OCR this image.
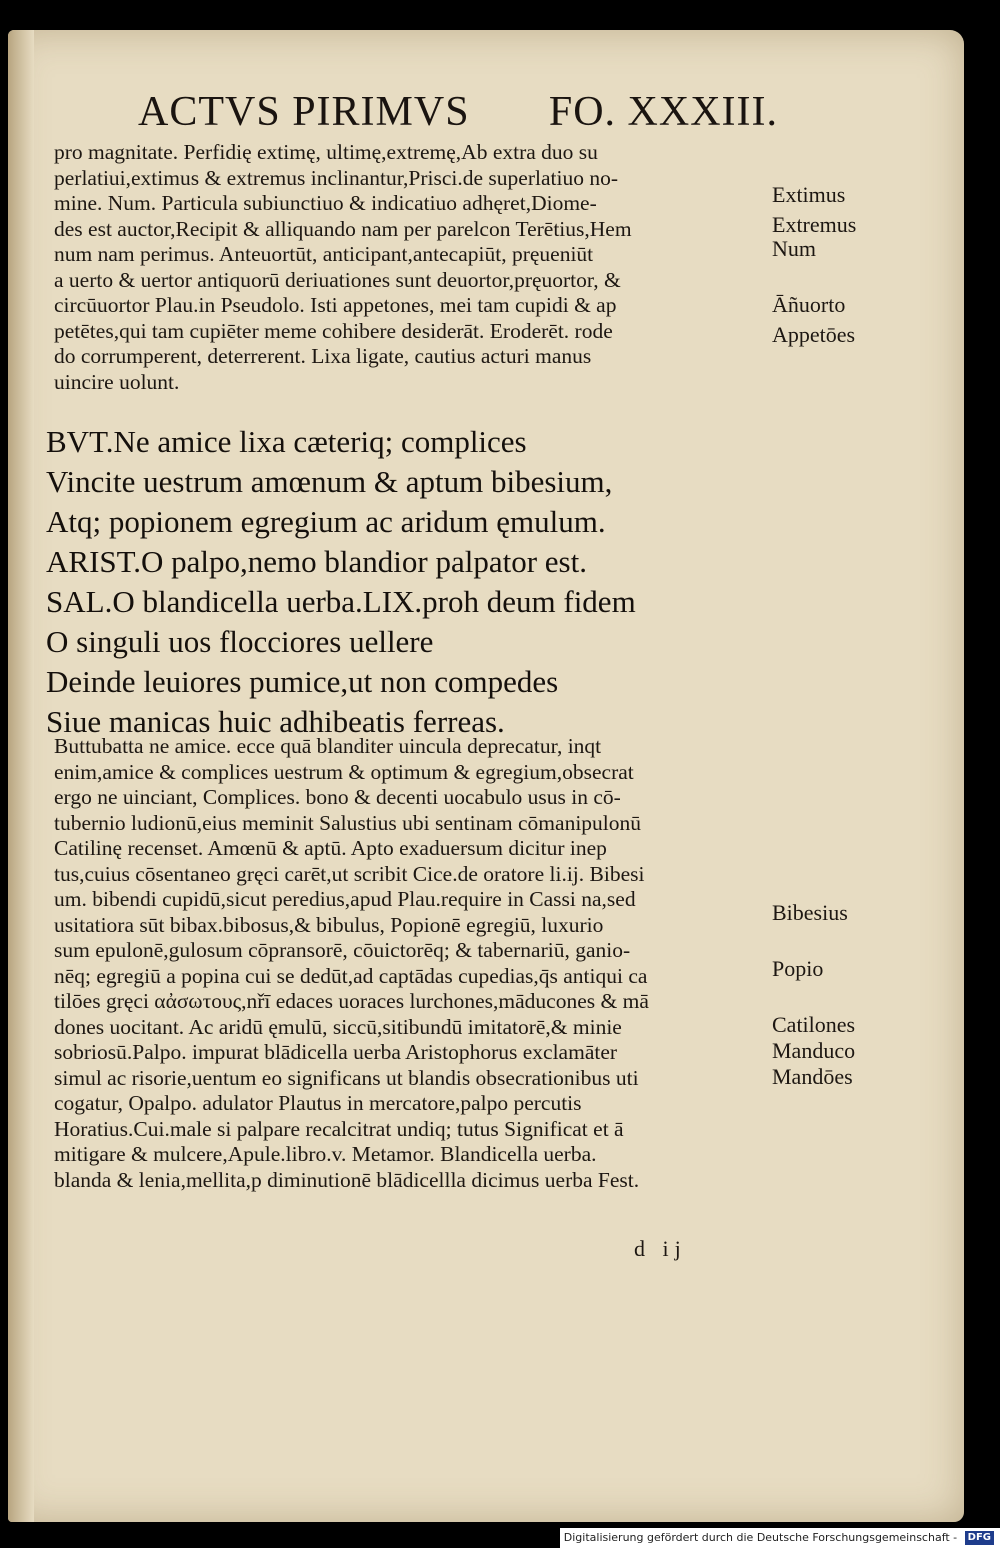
ACTVS PIRIMVS FO. XXXIII.
pro magnitate. Perfidię extimę, ultimę,extremę,Ab extra duo su
perlatiui,extimus & extremus inclinantur,Prisci.de superlatiuo no-
mine. Num. Particula subiunctiuo & indicatiuo adhęret,Diome-
des est auctor,Recipit & alliquando nam per parelcon Terētius,Hem
num nam perimus. Anteuortūt, anticipant,antecapiūt, pręueniūt
a uerto & uertor antiquorū deriuationes sunt deuortor,pręuortor, &
circūuortor Plau.in Pseudolo. Isti appetones, mei tam cupidi & ap
petētes,qui tam cupiēter meme cohibere desiderāt. Eroderēt. rode
do corrumperent, deterrerent. Lixa ligate, cautius acturi manus
uincire uolunt.
BVT.Ne amice lixa cæteriq; complices
Vincite uestrum amœnum & aptum bibesium,
Atq; popionem egregium ac aridum ęmulum.
ARIST.O palpo,nemo blandior palpator est.
SAL.O blandicella uerba.LIX.proh deum fidem
O singuli uos flocciores uellere
Deinde leuiores pumice,ut non compedes
Siue manicas huic adhibeatis ferreas.
Buttubatta ne amice. ecce quā blanditer uincula deprecatur, inqt
enim,amice & complices uestrum & optimum & egregium,obsecrat
ergo ne uinciant, Complices. bono & decenti uocabulo usus in cō-
tubernio ludionū,eius meminit Salustius ubi sentinam cōmanipulonū
Catilinę recenset. Amœnū & aptū. Apto exaduersum dicitur inep
tus,cuius cōsentaneo gręci carēt,ut scribit Cice.de oratore li.ij. Bibesi
um. bibendi cupidū,sicut peredius,apud Plau.require in Cassi na,sed
usitatiora sūt bibax.bibosus,& bibulus, Popionē egregiū, luxurio
sum epulonē,gulosum cōpransorē, cōuictorēq; & tabernariū, ganio-
nēq; egregiū a popina cui se dedūt,ad captādas cupedias,q̄s antiqui ca
tilōes gręci αἀσωτους,nřī edaces uoraces lurchones,māducones & mā
dones uocitant. Ac aridū ęmulū, siccū,sitibundū imitatorē,& minie
sobriosū.Palpo. impurat blādicella uerba Aristophorus exclamāter
simul ac risorie,uentum eo significans ut blandis obsecrationibus uti
cogatur, Opalpo. adulator Plautus in mercatore,palpo percutis
Horatius.Cui.male si palpare recalcitrat undiq; tutus Significat et ā
mitigare & mulcere,Apule.libro.v. Metamor. Blandicella uerba.
blanda & lenia,mellita,p diminutionē blādicellla dicimus uerba Fest.
Extimus
Extremus
Num
Āñuorto
Appetōes
Bibesius
Popio
Catilones
Manduco
Mandōes
d ij
Digitalisierung gefördert durch die Deutsche Forschungsgemeinschaft - DFG
